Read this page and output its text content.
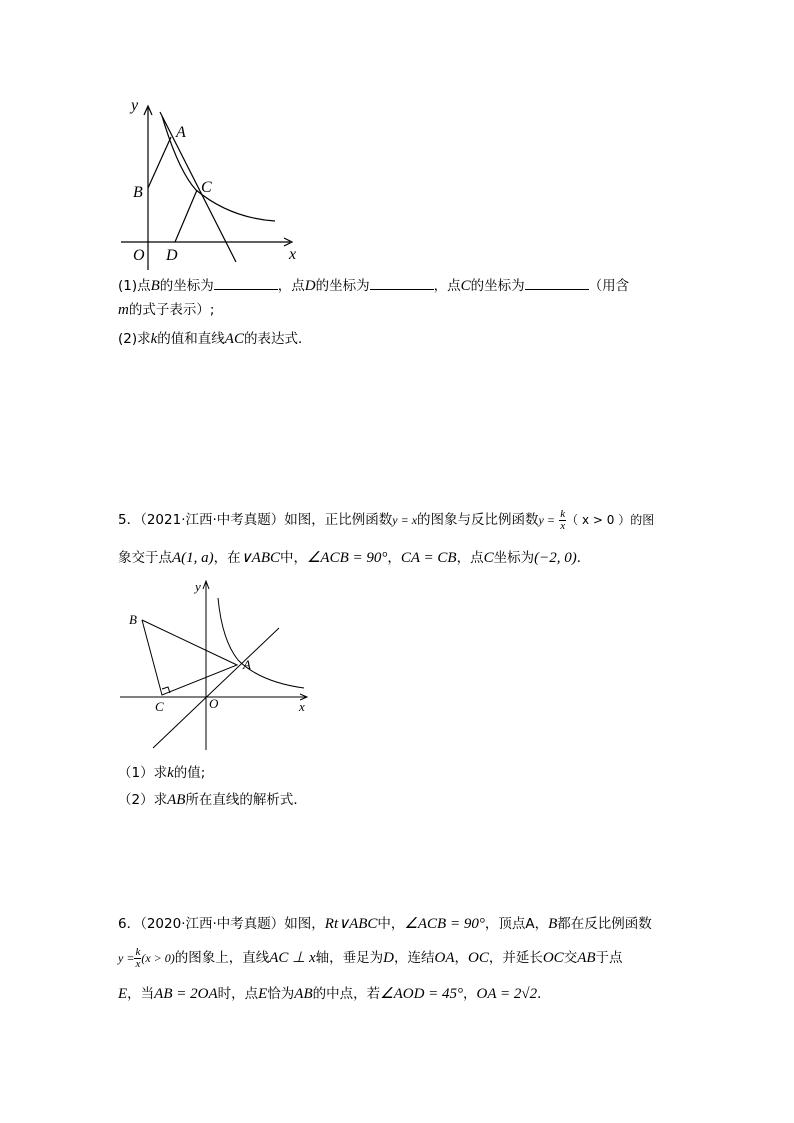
y
A
B	C
O D	x
(1)点B的坐标为	，点D的坐标为	，点C的坐标为	（用含
m的式子表示）;
(2)求k的值和直线AC的表达式．
5．（2021·江西·中考真题）如图，正比例函数y = x的图象与反比例函数$y = \frac{k}{x}$ （ x > 0 ）的图
象交于点A(1, a)，在∨ABC中，∠ACB = 90°，CA = CB，点C坐标为(−2, 0)．
y
B
A
C	O	x
（1）求k的值;
（2）求AB所在直线的解析式．
6．（2020·江西·中考真题）如图，Rt∨ABC中，∠ACB = 90°，顶点A，B都在反比例函数
$y = \frac{k}{x} (x > 0)$的图象上，直线AC ⊥ x轴，垂足为D，连结OA，OC，并延长OC交AB于点
E，当AB = 2OA时，点E恰为AB的中点，若∠AOD = 45°，OA = 2√2．
